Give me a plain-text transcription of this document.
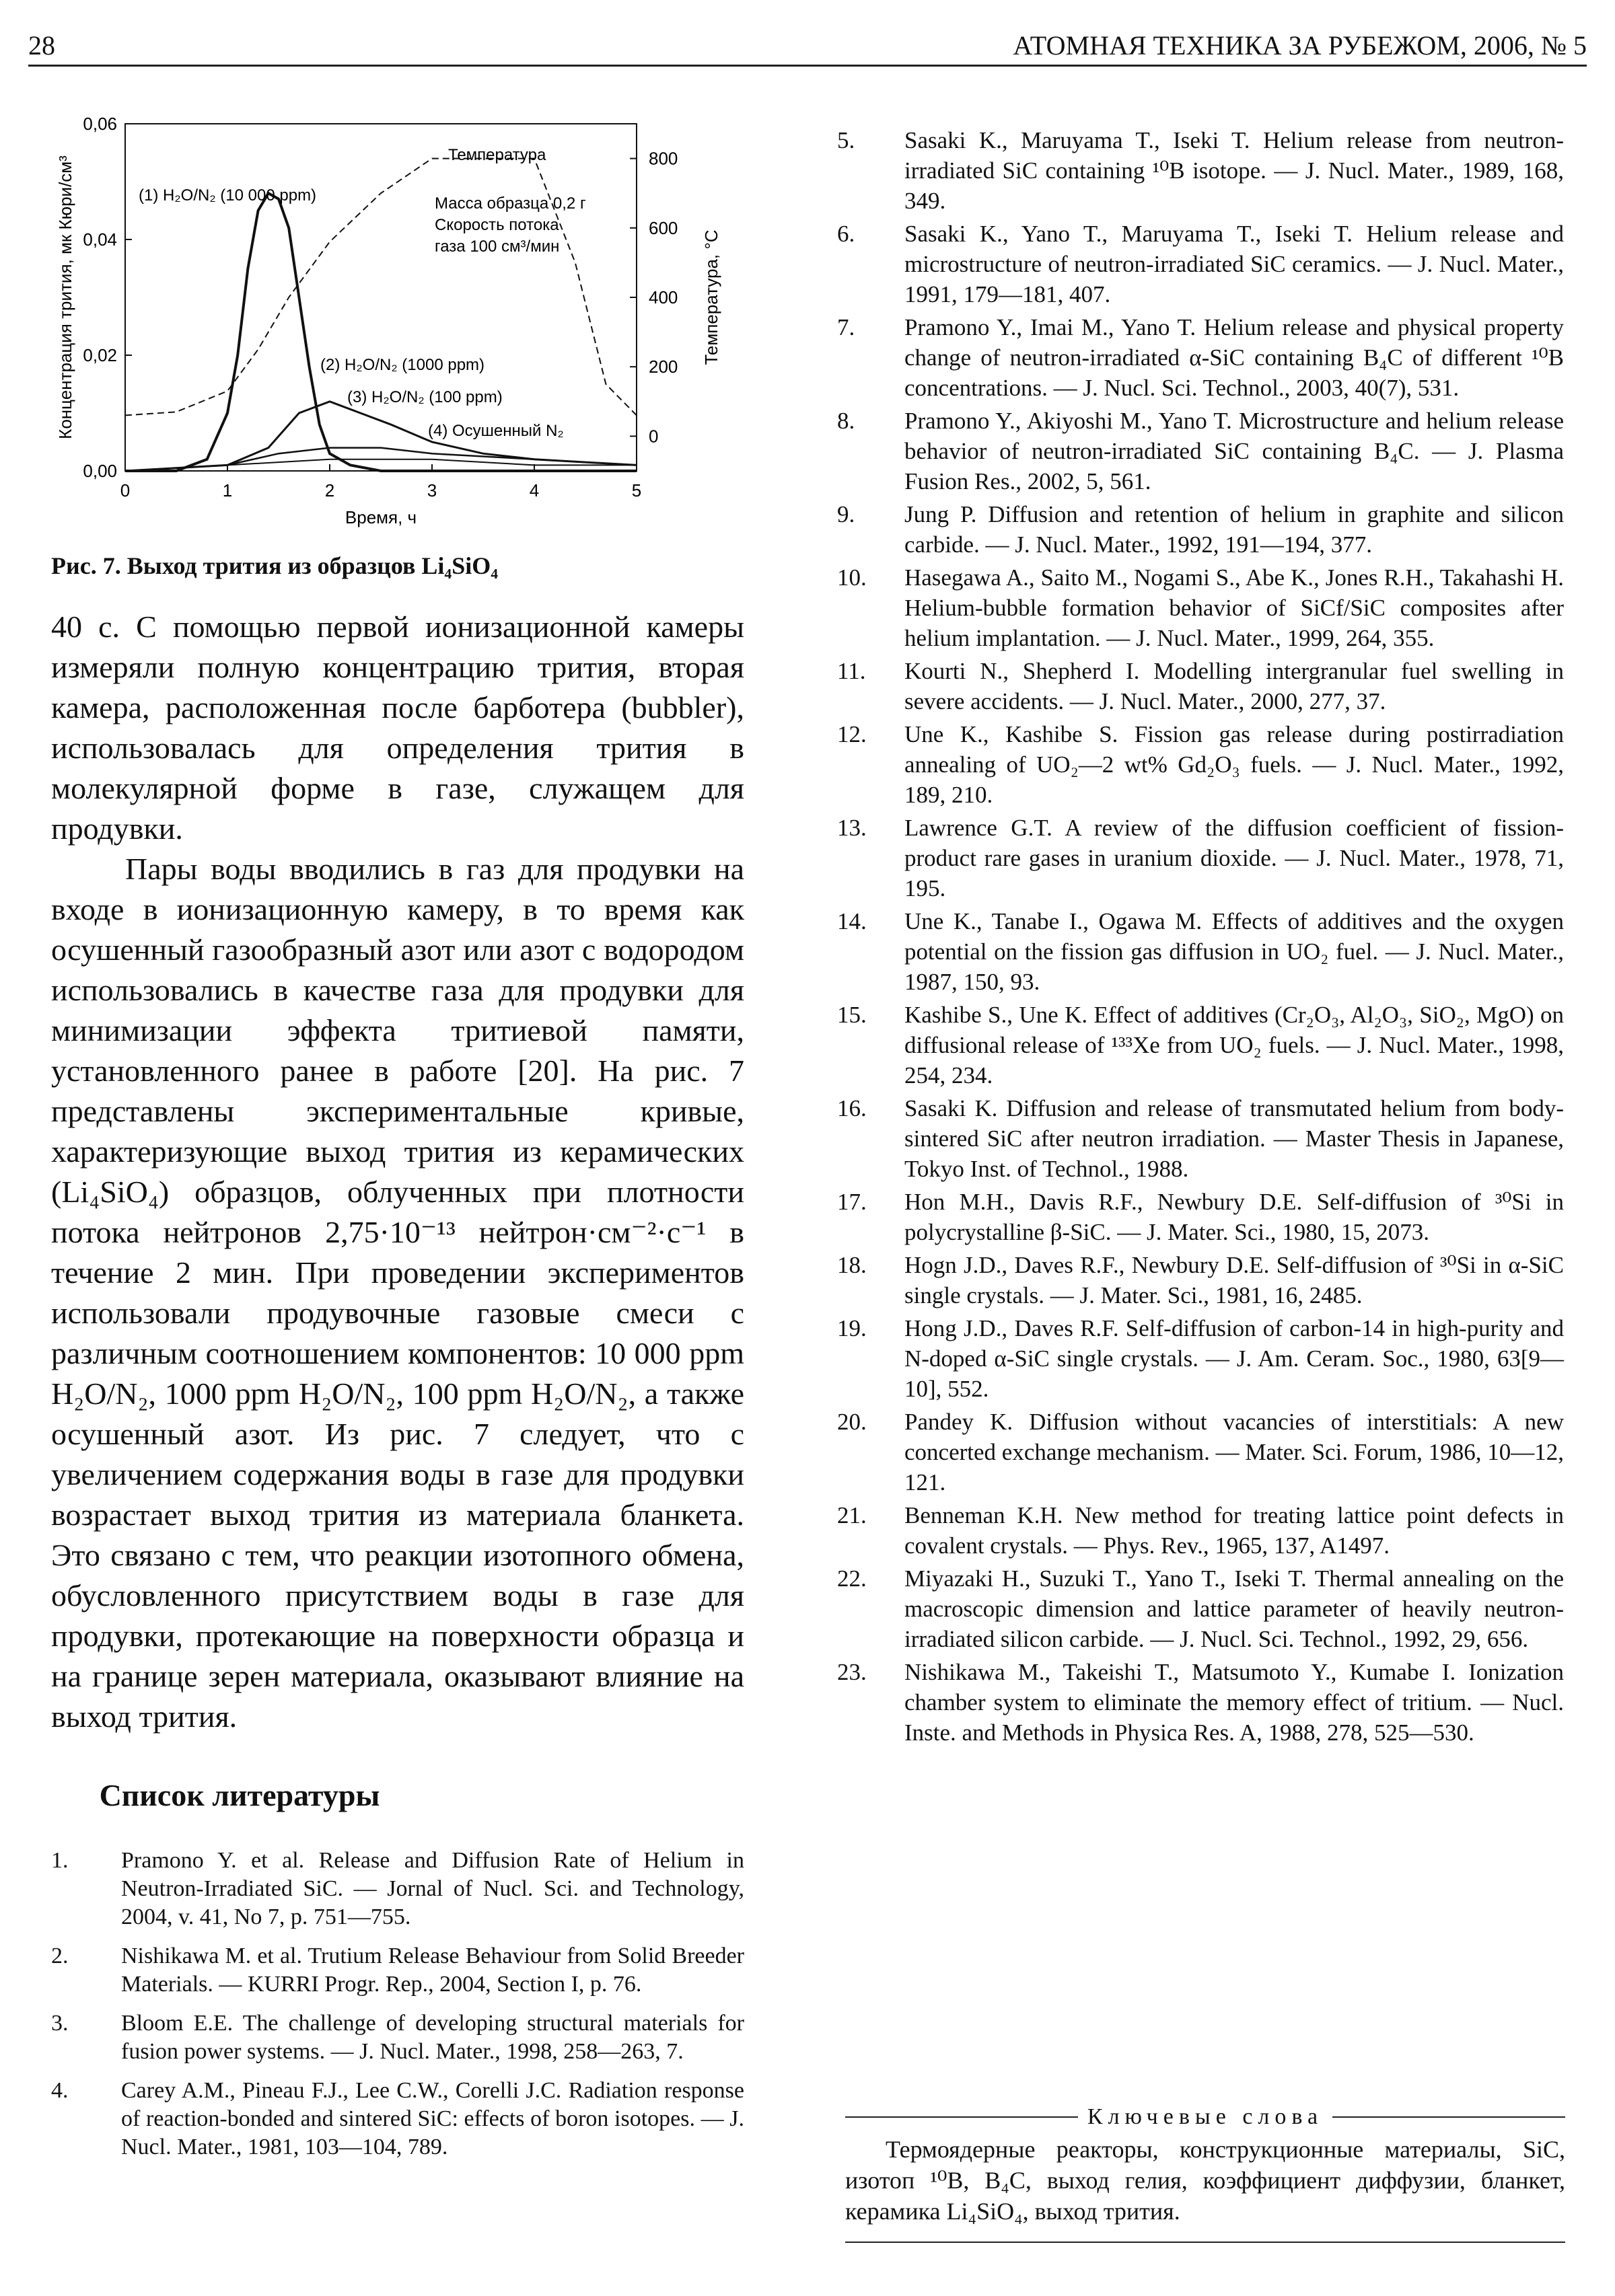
28	АТОМНАЯ ТЕХНИКА ЗА РУБЕЖОМ, 2006, № 5
0	1	2	3	4	5
0,00
0,02
0,04
0,06
0
200
400
600
800
Время, ч
Концентрация трития, мк Кюри/см³	Температура, °С
(1) H₂O/N₂ (10 000 ppm)
(2) H₂O/N₂ (1000 ppm)
(3) H₂O/N₂ (100 ppm)
(4) Осушенный N₂
Температура
Масса образца 0,2 г
Скорость потока
газа 100 см³/мин
Рис. 7. Выход трития из образцов Li₄SiO₄

40 с. С помощью первой ионизационной камеры измеряли полную концентрацию трития, вторая камера, расположенная после барботера (bubbler), использовалась для определения трития в молекулярной форме в газе, служащем для продувки.

Пары воды вводились в газ для продувки на входе в ионизационную камеру, в то время как осушенный газообразный азот или азот с водородом использовались в качестве газа для продувки для минимизации эффекта тритиевой памяти, установленного ранее в работе [20]. На рис. 7 представлены экспериментальные кривые, характеризующие выход трития из керамических (Li₄SiO₄) образцов, облученных при плотности потока нейтронов 2,75·10⁻¹³ нейтрон·см⁻²·с⁻¹ в течение 2 мин. При проведении экспериментов использовали продувочные газовые смеси с различным соотношением компонентов: 10 000 ppm H₂O/N₂, 1000 ppm H₂O/N₂, 100 ppm H₂O/N₂, а также осушенный азот. Из рис. 7 следует, что с увеличением содержания воды в газе для продувки возрастает выход трития из материала бланкета. Это связано с тем, что реакции изотопного обмена, обусловленного присутствием воды в газе для продувки, протекающие на поверхности образца и на границе зерен материала, оказывают влияние на выход трития.

Список литературы
1.	Pramono Y. et al. Release and Diffusion Rate of Helium in Neutron-Irradiated SiC. — Jornal of Nucl. Sci. and Technology, 2004, v. 41, No 7, p. 751—755.
2.	Nishikawa M. et al. Trutium Release Behaviour from Solid Breeder Materials. — KURRI Progr. Rep., 2004, Section I, p. 76.
3.	Bloom E.E. The challenge of developing structural materials for fusion power systems. — J. Nucl. Mater., 1998, 258—263, 7.
4.	Carey A.M., Pineau F.J., Lee C.W., Corelli J.C. Radiation response of reaction-bonded and sintered SiC: effects of boron isotopes. — J. Nucl. Mater., 1981, 103—104, 789.
5.	Sasaki K., Maruyama T., Iseki T. Helium release from neutron-irradiated SiC containing ¹⁰B isotope. — J. Nucl. Mater., 1989, 168, 349.
6.	Sasaki K., Yano T., Maruyama T., Iseki T. Helium release and microstructure of neutron-irradiated SiC ceramics. — J. Nucl. Mater., 1991, 179—181, 407.
7.	Pramono Y., Imai M., Yano T. Helium release and physical property change of neutron-irradiated α-SiC containing B₄C of different ¹⁰B concentrations. — J. Nucl. Sci. Technol., 2003, 40(7), 531.
8.	Pramono Y., Akiyoshi M., Yano T. Microstructure and helium release behavior of neutron-irradiated SiC containing B₄C. — J. Plasma Fusion Res., 2002, 5, 561.
9.	Jung P. Diffusion and retention of helium in graphite and silicon carbide. — J. Nucl. Mater., 1992, 191—194, 377.
10.	Hasegawa A., Saito M., Nogami S., Abe K., Jones R.H., Takahashi H. Helium-bubble formation behavior of SiCf/SiC composites after helium implantation. — J. Nucl. Mater., 1999, 264, 355.
11.	Kourti N., Shepherd I. Modelling intergranular fuel swelling in severe accidents. — J. Nucl. Mater., 2000, 277, 37.
12.	Une K., Kashibe S. Fission gas release during postirradiation annealing of UO₂—2 wt% Gd₂O₃ fuels. — J. Nucl. Mater., 1992, 189, 210.
13.	Lawrence G.T. A review of the diffusion coefficient of fission-product rare gases in uranium dioxide. — J. Nucl. Mater., 1978, 71, 195.
14.	Une K., Tanabe I., Ogawa M. Effects of additives and the oxygen potential on the fission gas diffusion in UO₂ fuel. — J. Nucl. Mater., 1987, 150, 93.
15.	Kashibe S., Une K. Effect of additives (Cr₂O₃, Al₂O₃, SiO₂, MgO) on diffusional release of ¹³³Xe from UO₂ fuels. — J. Nucl. Mater., 1998, 254, 234.
16.	Sasaki K. Diffusion and release of transmutated helium from body-sintered SiC after neutron irradiation. — Master Thesis in Japanese, Tokyo Inst. of Technol., 1988.
17.	Hon M.H., Davis R.F., Newbury D.E. Self-diffusion of ³⁰Si in polycrystalline β-SiC. — J. Mater. Sci., 1980, 15, 2073.
18.	Hogn J.D., Daves R.F., Newbury D.E. Self-diffusion of ³⁰Si in α-SiC single crystals. — J. Mater. Sci., 1981, 16, 2485.
19.	Hong J.D., Daves R.F. Self-diffusion of carbon-14 in high-purity and N-doped α-SiC single crystals. — J. Am. Ceram. Soc., 1980, 63[9—10], 552.
20.	Pandey K. Diffusion without vacancies of interstitials: A new concerted exchange mechanism. — Mater. Sci. Forum, 1986, 10—12, 121.
21.	Benneman K.H. New method for treating lattice point defects in covalent crystals. — Phys. Rev., 1965, 137, A1497.
22.	Miyazaki H., Suzuki T., Yano T., Iseki T. Thermal annealing on the macroscopic dimension and lattice parameter of heavily neutron-irradiated silicon carbide. — J. Nucl. Sci. Technol., 1992, 29, 656.
23.	Nishikawa M., Takeishi T., Matsumoto Y., Kumabe I. Ionization chamber system to eliminate the memory effect of tritium. — Nucl. Inste. and Methods in Physica Res. A, 1988, 278, 525—530.
Ключевые слова
Термоядерные реакторы, конструкционные материалы, SiC, изотоп ¹⁰B, B₄C, выход гелия, коэффициент диффузии, бланкет, керамика Li₄SiO₄, выход трития.
